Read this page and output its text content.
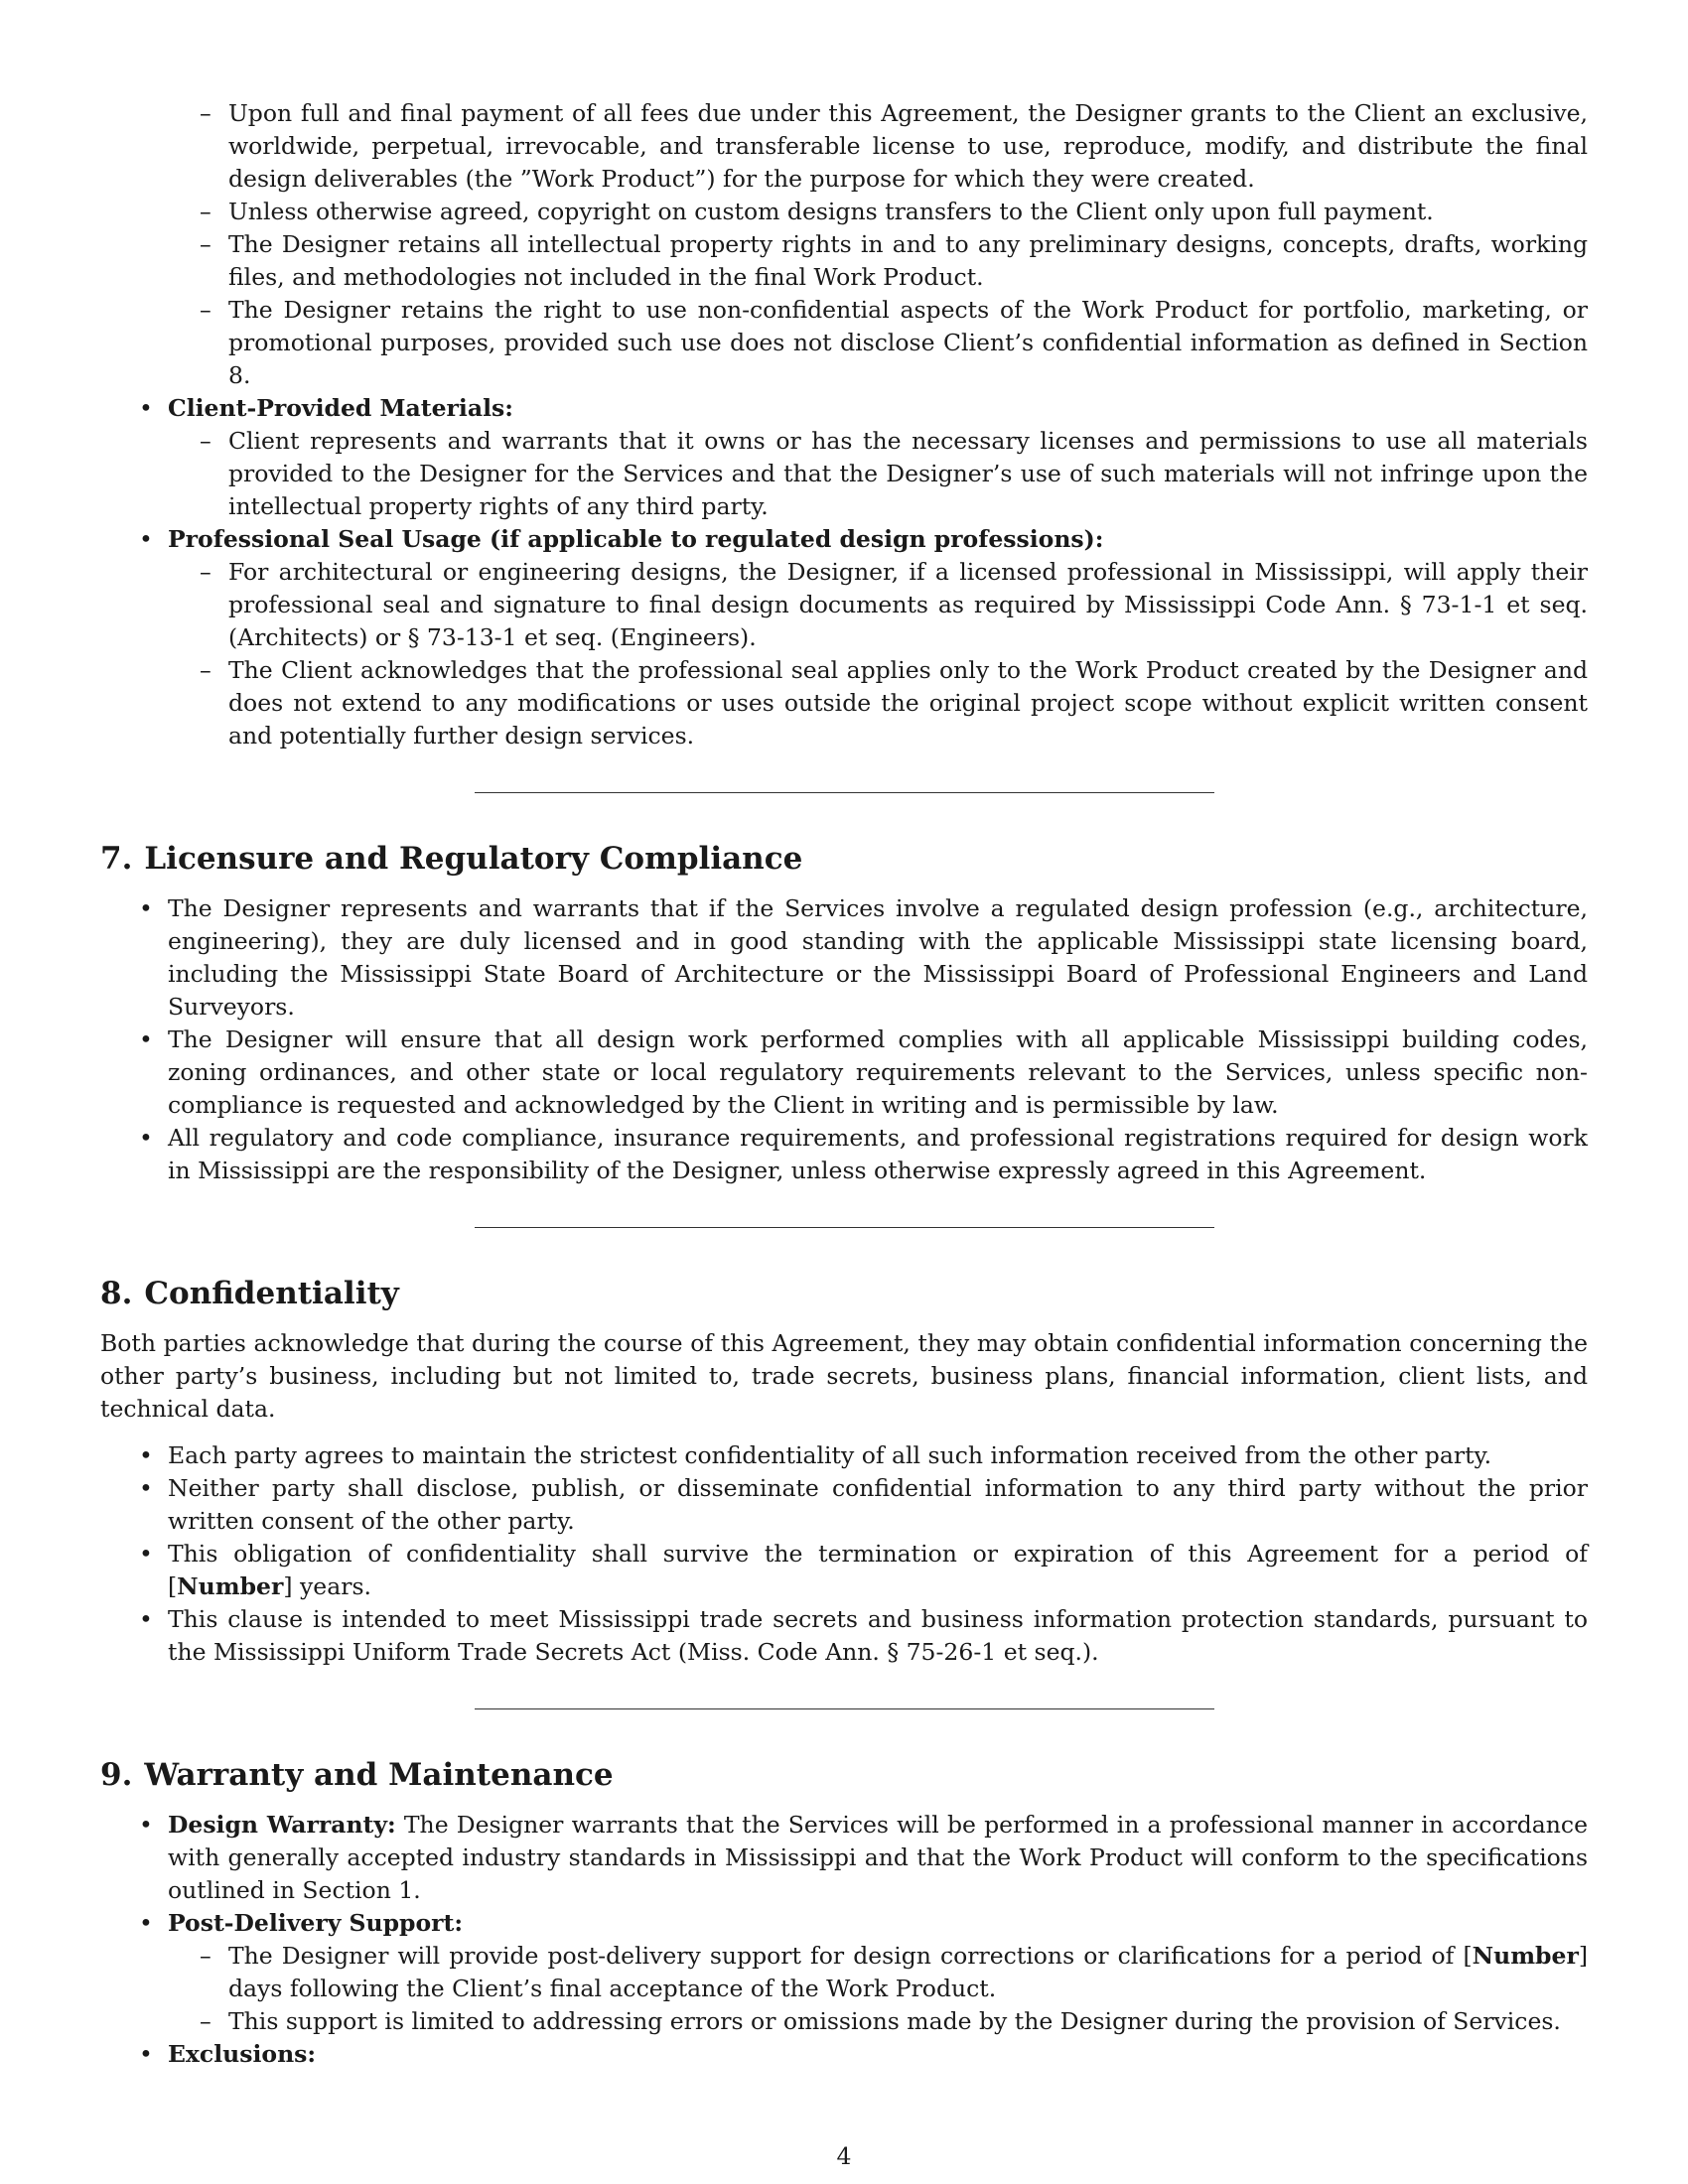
– Upon full and final payment of all fees due under this Agreement, the Designer grants to the Client an exclusive, worldwide, perpetual, irrevocable, and transferable license to use, reproduce, modify, and distribute the final design deliverables (the ”Work Product”) for the purpose for which they were created.
– Unless otherwise agreed, copyright on custom designs transfers to the Client only upon full payment.
– The Designer retains all intellectual property rights in and to any preliminary designs, concepts, drafts, working files, and methodologies not included in the final Work Product.
– The Designer retains the right to use non-confidential aspects of the Work Product for portfolio, marketing, or promotional purposes, provided such use does not disclose Client’s confidential information as defined in Section 8.
• Client-Provided Materials:
– Client represents and warrants that it owns or has the necessary licenses and permissions to use all materials provided to the Designer for the Services and that the Designer’s use of such materials will not infringe upon the intellectual property rights of any third party.
• Professional Seal Usage (if applicable to regulated design professions):
– For architectural or engineering designs, the Designer, if a licensed professional in Mississippi, will apply their professional seal and signature to final design documents as required by Mississippi Code Ann. § 73-1-1 et seq. (Architects) or § 73-13-1 et seq. (Engineers).
– The Client acknowledges that the professional seal applies only to the Work Product created by the Designer and does not extend to any modifications or uses outside the original project scope without explicit written consent and potentially further design services.
7. Licensure and Regulatory Compliance
• The Designer represents and warrants that if the Services involve a regulated design profession (e.g., architecture, engineering), they are duly licensed and in good standing with the applicable Mississippi state licensing board, including the Mississippi State Board of Architecture or the Mississippi Board of Professional Engineers and Land Surveyors.
• The Designer will ensure that all design work performed complies with all applicable Mississippi building codes, zoning ordinances, and other state or local regulatory requirements relevant to the Services, unless specific non-compliance is requested and acknowledged by the Client in writing and is permissible by law.
• All regulatory and code compliance, insurance requirements, and professional registrations required for design work in Mississippi are the responsibility of the Designer, unless otherwise expressly agreed in this Agreement.
8. Confidentiality

Both parties acknowledge that during the course of this Agreement, they may obtain confidential information concerning the other party’s business, including but not limited to, trade secrets, business plans, financial information, client lists, and technical data.

• Each party agrees to maintain the strictest confidentiality of all such information received from the other party.
• Neither party shall disclose, publish, or disseminate confidential information to any third party without the prior written consent of the other party.
• This obligation of confidentiality shall survive the termination or expiration of this Agreement for a period of [Number] years.
• This clause is intended to meet Mississippi trade secrets and business information protection standards, pursuant to the Mississippi Uniform Trade Secrets Act (Miss. Code Ann. § 75-26-1 et seq.).
9. Warranty and Maintenance
• Design Warranty: The Designer warrants that the Services will be performed in a professional manner in accordance with generally accepted industry standards in Mississippi and that the Work Product will conform to the specifications outlined in Section 1.
• Post-Delivery Support:
– The Designer will provide post-delivery support for design corrections or clarifications for a period of [Number] days following the Client’s final acceptance of the Work Product.
– This support is limited to addressing errors or omissions made by the Designer during the provision of Services.
• Exclusions:
4
